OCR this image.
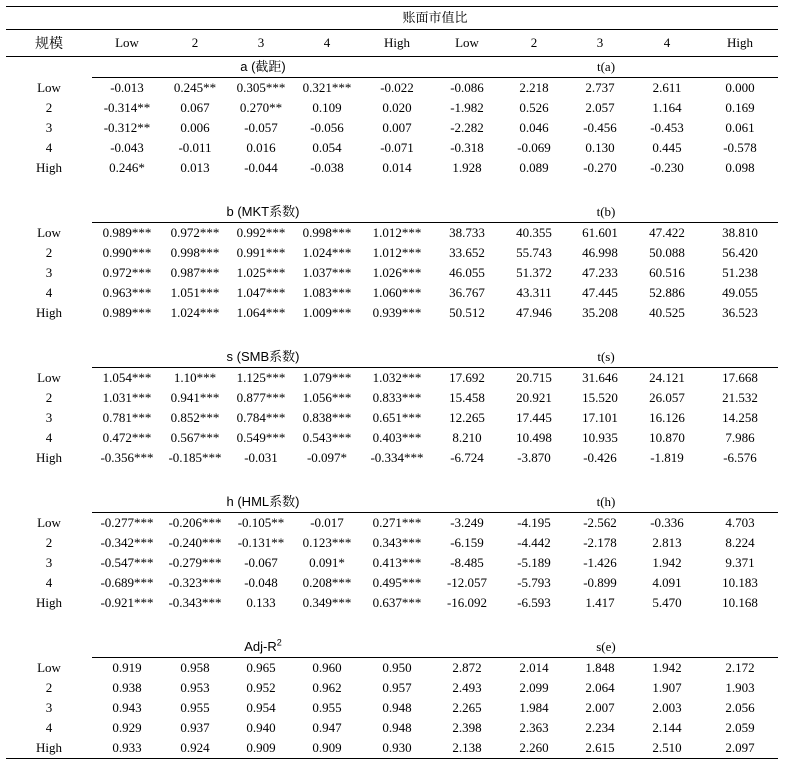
	账面市值比									
规模	Low	2	3	4	High	Low	2	3	4	High
	a (截距)					t(a)				
Low	-0.013	0.245**	0.305***	0.321***	-0.022	-0.086	2.218	2.737	2.611	0.000
2	-0.314**	0.067	0.270**	0.109	0.020	-1.982	0.526	2.057	1.164	0.169
3	-0.312**	0.006	-0.057	-0.056	0.007	-2.282	0.046	-0.456	-0.453	0.061
4	-0.043	-0.011	0.016	0.054	-0.071	-0.318	-0.069	0.130	0.445	-0.578
High	0.246*	0.013	-0.044	-0.038	0.014	1.928	0.089	-0.270	-0.230	0.098

	b (MKT系数)					t(b)				
Low	0.989***	0.972***	0.992***	0.998***	1.012***	38.733	40.355	61.601	47.422	38.810
2	0.990***	0.998***	0.991***	1.024***	1.012***	33.652	55.743	46.998	50.088	56.420
3	0.972***	0.987***	1.025***	1.037***	1.026***	46.055	51.372	47.233	60.516	51.238
4	0.963***	1.051***	1.047***	1.083***	1.060***	36.767	43.311	47.445	52.886	49.055
High	0.989***	1.024***	1.064***	1.009***	0.939***	50.512	47.946	35.208	40.525	36.523

	s (SMB系数)					t(s)				
Low	1.054***	1.10***	1.125***	1.079***	1.032***	17.692	20.715	31.646	24.121	17.668
2	1.031***	0.941***	0.877***	1.056***	0.833***	15.458	20.921	15.520	26.057	21.532
3	0.781***	0.852***	0.784***	0.838***	0.651***	12.265	17.445	17.101	16.126	14.258
4	0.472***	0.567***	0.549***	0.543***	0.403***	8.210	10.498	10.935	10.870	7.986
High	-0.356***	-0.185***	-0.031	-0.097*	-0.334***	-6.724	-3.870	-0.426	-1.819	-6.576

	h (HML系数)					t(h)				
Low	-0.277***	-0.206***	-0.105**	-0.017	0.271***	-3.249	-4.195	-2.562	-0.336	4.703
2	-0.342***	-0.240***	-0.131**	0.123***	0.343***	-6.159	-4.442	-2.178	2.813	8.224
3	-0.547***	-0.279***	-0.067	0.091*	0.413***	-8.485	-5.189	-1.426	1.942	9.371
4	-0.689***	-0.323***	-0.048	0.208***	0.495***	-12.057	-5.793	-0.899	4.091	10.183
High	-0.921***	-0.343***	0.133	0.349***	0.637***	-16.092	-6.593	1.417	5.470	10.168

	Adj-$R^2$					s(e)				
Low	0.919	0.958	0.965	0.960	0.950	2.872	2.014	1.848	1.942	2.172
2	0.938	0.953	0.952	0.962	0.957	2.493	2.099	2.064	1.907	1.903
3	0.943	0.955	0.954	0.955	0.948	2.265	1.984	2.007	2.003	2.056
4	0.929	0.937	0.940	0.947	0.948	2.398	2.363	2.234	2.144	2.059
High	0.933	0.924	0.909	0.909	0.930	2.138	2.260	2.615	2.510	2.097
